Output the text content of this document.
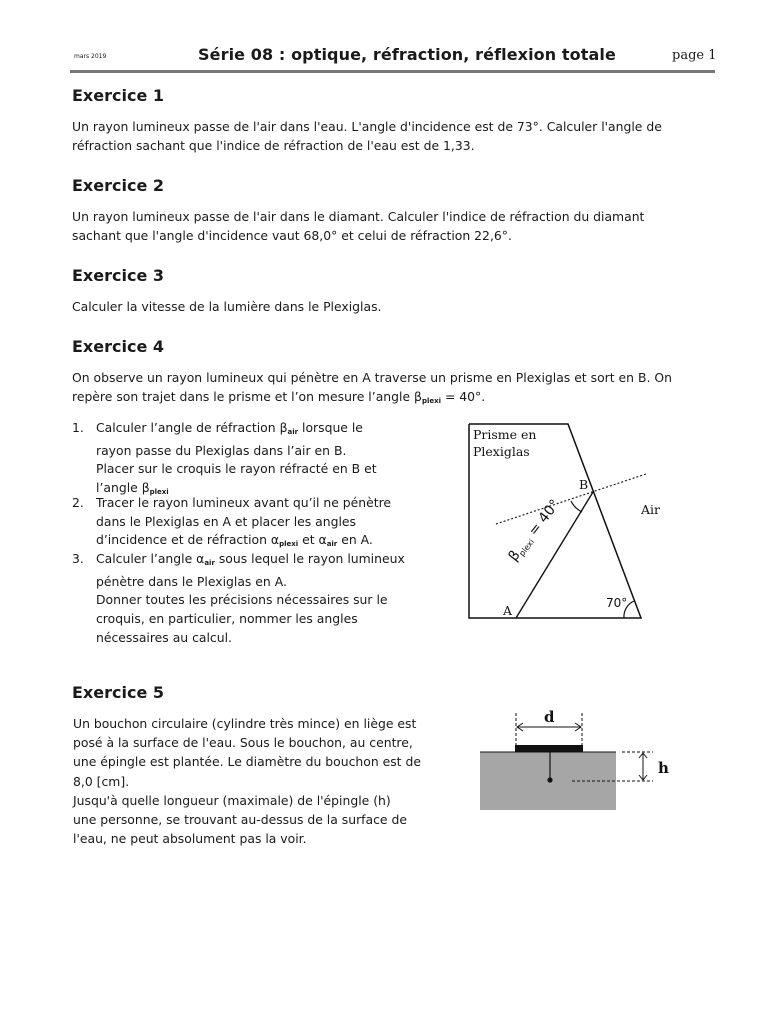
mars 2019	Série 08 : optique, réfraction, réflexion totale	page 1
Exercice 1
Un rayon lumineux passe de l'air dans l'eau. L'angle d'incidence est de 73°. Calculer l'angle de
réfraction sachant que l'indice de réfraction de l'eau est de 1,33.
Exercice 2
Un rayon lumineux passe de l'air dans le diamant. Calculer l'indice de réfraction du diamant
sachant que l'angle d'incidence vaut 68,0° et celui de réfraction 22,6°.
Exercice 3
Calculer la vitesse de la lumière dans le Plexiglas.
Exercice 4
On observe un rayon lumineux qui pénètre en A traverse un prisme en Plexiglas et sort en B. On
repère son trajet dans le prisme et l’on mesure l’angle $\beta_{plexi} = 40^\circ$.
1. Calculer l’angle de réfraction $\beta_{air}$ lorsque le
rayon passe du Plexiglas dans l’air en B.
Placer sur le croquis le rayon réfracté en B et
l’angle $\beta_{plexi}$
2. Tracer le rayon lumineux avant qu’il ne pénètre
dans le Plexiglas en A et placer les angles
d’incidence et de réfraction $\alpha_{plexi}$ et $\alpha_{air}$ en A.
3. Calculer l’angle $\alpha_{air}$ sous lequel le rayon lumineux
pénètre dans le Plexiglas en A.
Donner toutes les précisions nécessaires sur le
croquis, en particulier, nommer les angles
nécessaires au calcul.
Prisme en
Plexiglas
B
Air
A	70°
$\beta_{plexi} = 40^\circ$
Exercice 5
Un bouchon circulaire (cylindre très mince) en liège est
posé à la surface de l'eau. Sous le bouchon, au centre,
une épingle est plantée. Le diamètre du bouchon est de
8,0 [cm].
Jusqu'à quelle longueur (maximale) de l'épingle (h)
une personne, se trouvant au-dessus de la surface de
l'eau, ne peut absolument pas la voir.
d
h
